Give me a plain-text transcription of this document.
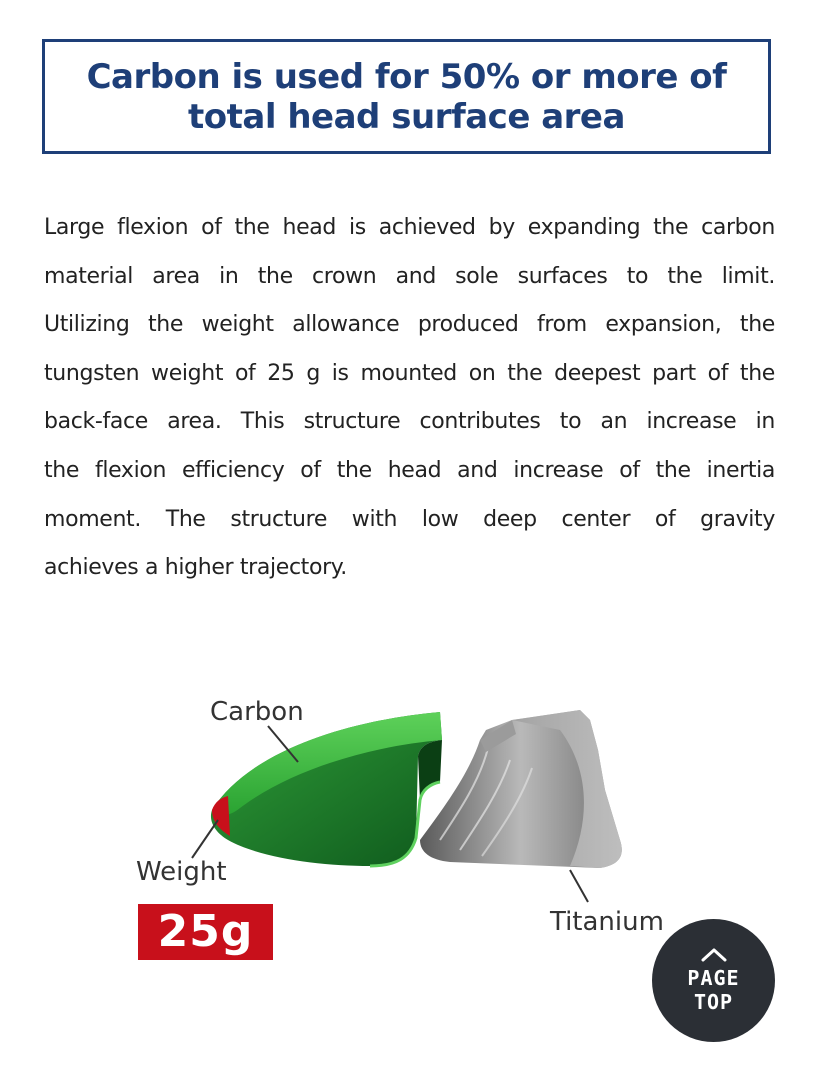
Carbon is used for 50% or more of
total head surface area
Large flexion of the head is achieved by expanding the carbon
material area in the crown and sole surfaces to the limit.
Utilizing the weight allowance produced from expansion, the
tungsten weight of 25 g is mounted on the deepest part of the
back-face area. This structure contributes to an increase in
the flexion efficiency of the head and increase of the inertia
moment. The structure with low deep center of gravity
achieves a higher trajectory.
Carbon
Weight
25g	Titanium
PAGE
TOP
